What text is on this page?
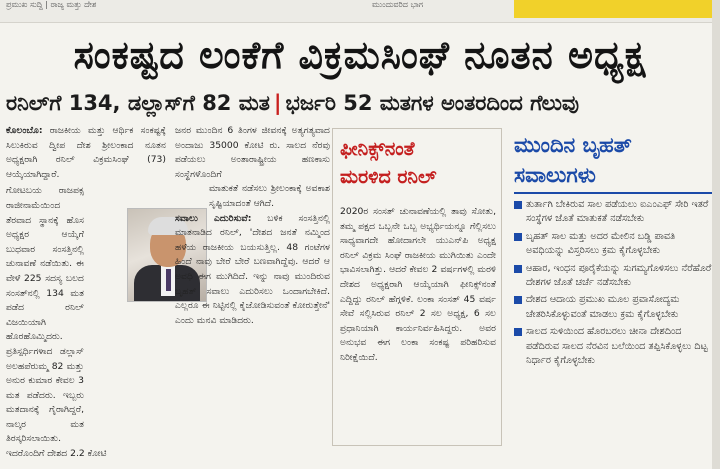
ಪ್ರಮುಖ ಸುದ್ದಿ | ರಾಜ್ಯ ಮತ್ತು ದೇಶ	ಮುಂದುವರಿದ ಭಾಗ
ಸಂಕಷ್ಟದ ಲಂಕೆಗೆ ವಿಕ್ರಮಸಿಂಘೆ ನೂತನ ಅಧ್ಯಕ್ಷ
ರನಿಲ್‌ಗೆ 134, ಡಲ್ಲಾಸ್‌ಗೆ 82 ಮತ | ಭರ್ಜರಿ 52 ಮತಗಳ ಅಂತರದಿಂದ ಗೆಲುವು

ಕೊಲಂಬೊ: ರಾಜಕೀಯ ಮತ್ತು ಆರ್ಥಿಕ ಸಂಕಷ್ಟಕ್ಕೆ ಸಿಲುಕಿರುವ ದ್ವೀಪ ದೇಶ ಶ್ರೀಲಂಕಾದ ನೂತನ ಅಧ್ಯಕ್ಷರಾಗಿ ರನಿಲ್ ವಿಕ್ರಮಸಿಂಘೆ (73) ಆಯ್ಕೆಯಾಗಿದ್ದಾರೆ.

ಗೋಟಬಯ ರಾಜಪಕ್ಸ ರಾಜೀನಾಮೆಯಿಂದ ತೆರವಾದ ಸ್ಥಾನಕ್ಕೆ ಹೊಸ ಅಧ್ಯಕ್ಷರ ಆಯ್ಕೆಗೆ ಬುಧವಾರ ಸಂಸತ್ತಿನಲ್ಲಿ ಚುನಾವಣೆ ನಡೆಯಿತು. ಈ ವೇಳೆ 225 ಸದಸ್ಯ ಬಲದ ಸಂಸತ್‌ನಲ್ಲಿ 134 ಮತ ಪಡೆದ ರನಿಲ್ ವಿಜಯಿಯಾಗಿ ಹೊರಹೊಮ್ಮಿದರು. ಪ್ರತಿಸ್ಪರ್ಧಿಗಳಾದ ಡಲ್ಲಾಸ್ ಅಲಹಪೆರುಮ್ಮ 82 ಮತ್ತು ಅನುರ ಕುಮಾರ ಕೇವಲ 3 ಮತ ಪಡೆದರು. ಇಬ್ಬರು ಮತದಾನಕ್ಕೆ ಗೈರಾಗಿದ್ದರೆ, ನಾಲ್ಕರ ಮತ ತಿರಸ್ಕರಿಸಲಾಯಿತು.

ಇದರೊಂದಿಗೆ ದೇಶದ 2.2 ಕೋಟಿ

ಜನರ ಮುಂದಿನ 6 ತಿಂಗಳ ಜೀವನಕ್ಕೆ ಅತ್ಯಗತ್ಯವಾದ ಅಂದಾಜು 35000 ಕೋಟಿ ರು. ಸಾಲದ ನೆರವು ಪಡೆಯಲು ಅಂತಾರಾಷ್ಟ್ರೀಯ ಹಣಕಾಸು ಸಂಸ್ಥೆಗಳೊಂದಿಗೆ

ಮಾತುಕತೆ ನಡೆಸಲು ಶ್ರೀಲಂಕಾಕ್ಕೆ ಅವಕಾಶ ಸೃಷ್ಟಿಯಾದಂತೆ ಆಗಿದೆ.

ಸವಾಲು ಎದುರಿಸುವೆ: ಬಳಿಕ ಸಂಸತ್ತಿನಲ್ಲಿ ಮಾತನಾಡಿದ ರನಿಲ್, 'ದೇಶದ ಜನತೆ ನಮ್ಮಿಂದ ಹಳೆಯ ರಾಜಕೀಯ ಬಯಸುತ್ತಿಲ್ಲ. 48 ಗಂಟೆಗಳ ಹಿಂದೆ ನಾವು ಬೇರೆ ಬೇರೆ ಬಣವಾಗಿದ್ದೆವು. ಆದರೆ ಆ ಅವಧಿ ಈಗ ಮುಗಿದಿದೆ. ಇನ್ನು ನಾವು ಮುಂದಿರುವ ಬೃಹತ್ ಸವಾಲು ಎದುರಿಸಲು ಒಂದಾಗಬೇಕಿದೆ. ಎಲ್ಲರೂ ಈ ನಿಟ್ಟಿನಲ್ಲಿ ಕೈಜೋಡಿಸುವಂತೆ ಕೋರುತ್ತೇನೆ' ಎಂದು ಮನವಿ ಮಾಡಿದರು.

ಫೀನಿಕ್ಸ್‌ನಂತೆ
ಮರಳಿದ ರನಿಲ್
2020ರ ಸಂಸತ್ ಚುನಾವಣೆಯಲ್ಲಿ ತಾವು ಸೋತು, ತಮ್ಮ ಪಕ್ಷದ ಒಬ್ಬನೇ ಒಬ್ಬ ಅಭ್ಯರ್ಥಿಯನ್ನೂ ಗೆಲ್ಲಿಸಲು ಸಾಧ್ಯವಾಗದೇ ಹೋದಾಗಲೇ ಯುಎನ್‌ಪಿ ಅಧ್ಯಕ್ಷ ರನಿಲ್ ವಿಕ್ರಮ ಸಿಂಘೆ ರಾಜಕೀಯ ಮುಗಿಯಿತು ಎಂದೇ ಭಾವಿಸಲಾಗಿತ್ತು. ಆದರೆ ಕೇವಲ 2 ವರ್ಷಗಳಲ್ಲಿ ಮರಳಿ ದೇಶದ ಅಧ್ಯಕ್ಷರಾಗಿ ಆಯ್ಕೆಯಾಗಿ ಫೀನಿಕ್ಸ್‌ನಂತೆ ಎದ್ದಿದ್ದು ರನಿಲ್ ಹೆಗ್ಗಳಿಕೆ. ಲಂಕಾ ಸಂಸತ್ 45 ವರ್ಷ ಸೇವೆ ಸಲ್ಲಿಸಿರುವ ರನಿಲ್ 2 ಸಲ ಅಧ್ಯಕ್ಷ, 6 ಸಲ ಪ್ರಧಾನಿಯಾಗಿ ಕಾರ್ಯನಿರ್ವಹಿಸಿದ್ದರು. ಅವರ ಅನುಭವ ಈಗ ಲಂಕಾ ಸಂಕಷ್ಟ ಪರಿಹರಿಸುವ ನಿರೀಕ್ಷೆಯಿದೆ.
ಮುಂದಿನ ಬೃಹತ್
ಸವಾಲುಗಳು
ತುರ್ತಾಗಿ ಬೇಕಿರುವ ಸಾಲ ಪಡೆಯಲು ಐಎಂಎಫ್ ಸೇರಿ ಇತರೆ ಸಂಸ್ಥೆಗಳ ಜೊತೆ ಮಾತುಕತೆ ನಡೆಸಬೇಕು
ಬೃಹತ್ ಸಾಲ ಮತ್ತು ಅದರ ಮೇಲಿನ ಬಡ್ಡಿ ಪಾವತಿ ಅವಧಿಯನ್ನು ವಿಸ್ತರಿಸಲು ಕ್ರಮ ಕೈಗೊಳ್ಳಬೇಕು
ಆಹಾರ, ಇಂಧನ ಪೂರೈಕೆಯನ್ನು ಸುಗಮ್ಯಗೊಳಿಸಲು ನೆರೆಹೊರೆ ದೇಶಗಳ ಜೊತೆ ಚರ್ಚೆ ನಡೆಸಬೇಕು
ದೇಶದ ಆದಾಯ ಪ್ರಮುಖ ಮೂಲ ಪ್ರವಾಸೋದ್ಯಮ ಚೇತರಿಸಿಕೊಳ್ಳುವಂತೆ ಮಾಡಲು ಕ್ರಮ ಕೈಗೊಳ್ಳಬೇಕು
ಸಾಲದ ಸುಳಿಯಿಂದ ಹೊರಬರಲು ಚೀನಾ ದೇಶದಿಂದ ಪಡೆದಿರುವ ಸಾಲದ ನೆರವಿನ ಬಲೆಯಿಂದ ತಪ್ಪಿಸಿಕೊಳ್ಳಲು ದಿಟ್ಟ ನಿರ್ಧಾರ ಕೈಗೊಳ್ಳಬೇಕು
